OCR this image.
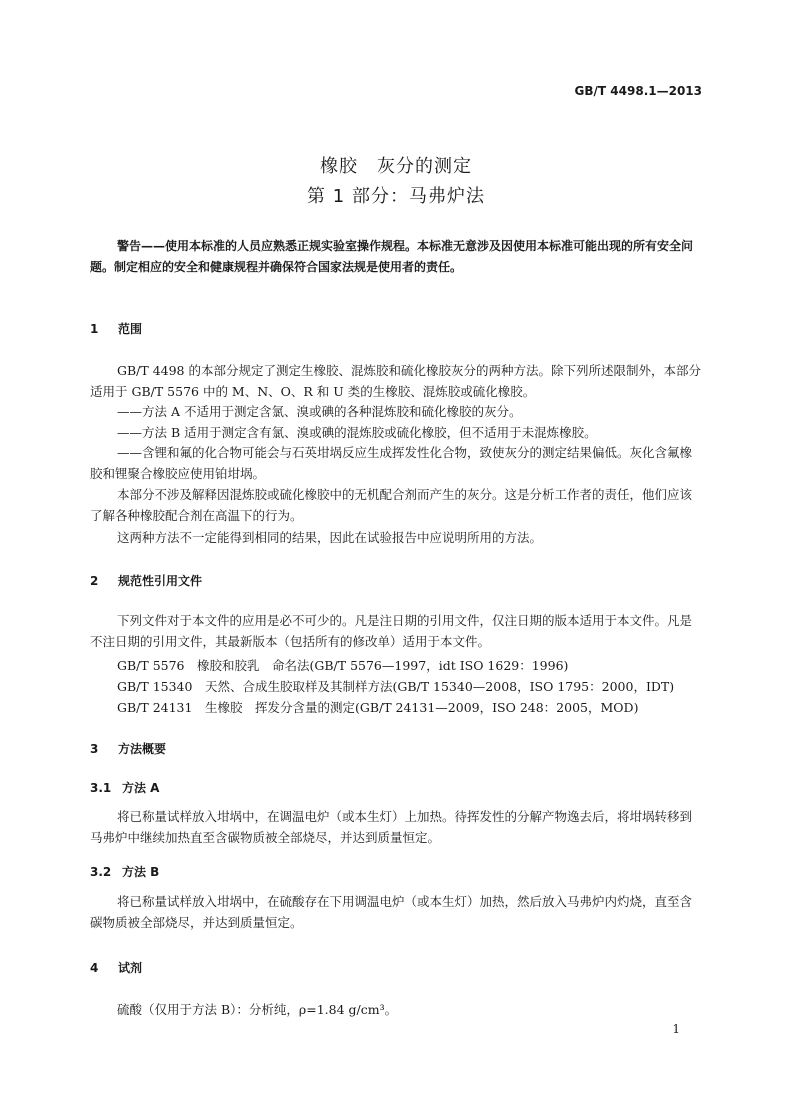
GB/T 4498.1—2013
橡胶　灰分的测定
第 1 部分：马弗炉法
警告——使用本标准的人员应熟悉正规实验室操作规程。本标准无意涉及因使用本标准可能出现的所有安全问题。制定相应的安全和健康规程并确保符合国家法规是使用者的责任。
1 范围
GB/T 4498 的本部分规定了测定生橡胶、混炼胶和硫化橡胶灰分的两种方法。除下列所述限制外，本部分适用于 GB/T 5576 中的 M、N、O、R 和 U 类的生橡胶、混炼胶或硫化橡胶。
——方法 A 不适用于测定含氯、溴或碘的各种混炼胶和硫化橡胶的灰分。
——方法 B 适用于测定含有氯、溴或碘的混炼胶或硫化橡胶，但不适用于未混炼橡胶。
——含锂和氟的化合物可能会与石英坩埚反应生成挥发性化合物，致使灰分的测定结果偏低。灰化含氟橡胶和锂聚合橡胶应使用铂坩埚。
本部分不涉及解释因混炼胶或硫化橡胶中的无机配合剂而产生的灰分。这是分析工作者的责任，他们应该了解各种橡胶配合剂在高温下的行为。
这两种方法不一定能得到相同的结果，因此在试验报告中应说明所用的方法。
2 规范性引用文件
下列文件对于本文件的应用是必不可少的。凡是注日期的引用文件，仅注日期的版本适用于本文件。凡是不注日期的引用文件，其最新版本（包括所有的修改单）适用于本文件。
GB/T 5576　橡胶和胶乳　命名法(GB/T 5576—1997，idt ISO 1629：1996)
GB/T 15340　天然、合成生胶取样及其制样方法(GB/T 15340—2008，ISO 1795：2000，IDT)
GB/T 24131　生橡胶　挥发分含量的测定(GB/T 24131—2009，ISO 248：2005，MOD)
3 方法概要
3.1 方法 A
将已称量试样放入坩埚中，在调温电炉（或本生灯）上加热。待挥发性的分解产物逸去后，将坩埚转移到马弗炉中继续加热直至含碳物质被全部烧尽，并达到质量恒定。
3.2 方法 B
将已称量试样放入坩埚中，在硫酸存在下用调温电炉（或本生灯）加热，然后放入马弗炉内灼烧，直至含碳物质被全部烧尽，并达到质量恒定。
4 试剂
硫酸（仅用于方法 B）：分析纯，ρ=1.84 g/cm³。
1
